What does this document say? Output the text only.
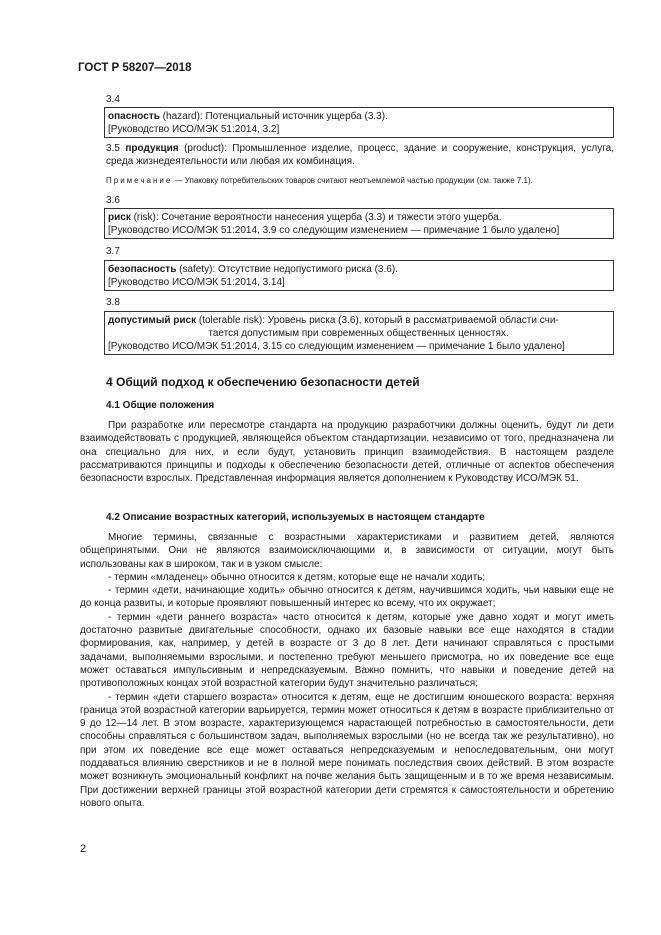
ГОСТ Р 58207—2018
3.4
опасность (hazard): Потенциальный источник ущерба (3.3).
[Руководство ИСО/МЭК 51:2014, 3.2]
3.5 продукция (product): Промышленное изделие, процесс, здание и сооружение, конструкция, услуга, среда жизнедеятельности или любая их комбинация.
Примечание — Упаковку потребительских товаров считают неотъемлемой частью продукции (см. также 7.1).
3.6
риск (risk): Сочетание вероятности нанесения ущерба (3.3) и тяжести этого ущерба.
[Руководство ИСО/МЭК 51:2014, 3.9 со следующим изменением — примечание 1 было удалено]
3.7
безопасность (safety): Отсутствие недопустимого риска (3.6).
[Руководство ИСО/МЭК 51:2014, 3.14]
3.8
допустимый риск (tolerable risk): Уровень риска (3.6), который в рассматриваемой области счи-
тается допустимым при современных общественных ценностях.
[Руководство ИСО/МЭК 51:2014, 3.15 со следующим изменением — примечание 1 было удалено]
4 Общий подход к обеспечению безопасности детей
4.1 Общие положения

При разработке или пересмотре стандарта на продукцию разработчики должны оценить, будут ли дети взаимодействовать с продукцией, являющейся объектом стандартизации, независимо от того, предназначена ли она специально для них, и если будут, установить принцип взаимодействия. В настоящем разделе рассматриваются принципы и подходы к обеспечению безопасности детей, отличные от аспектов обеспечения безопасности взрослых. Представленная информация является дополнением к Руководству ИСО/МЭК 51.

4.2 Описание возрастных категорий, используемых в настоящем стандарте

Многие термины, связанные с возрастными характеристиками и развитием детей, являются общепринятыми. Они не являются взаимоисключающими и, в зависимости от ситуации, могут быть использованы как в широком, так и в узком смысле:

- термин «младенец» обычно относится к детям, которые еще не начали ходить;

- термин «дети, начинающие ходить» обычно относится к детям, научившимся ходить, чьи навыки еще не до конца развиты, и которые проявляют повышенный интерес ко всему, что их окружает;

- термин «дети раннего возраста» часто относится к детям, которые уже давно ходят и могут иметь достаточно развитые двигательные способности, однако их базовые навыки все еще находятся в стадии формирования, как, например, у детей в возрасте от 3 до 8 лет. Дети начинают справляться с простыми задачами, выполняемыми взрослыми, и постепенно требуют меньшего присмотра, но их поведение все еще может оставаться импульсивным и непредсказуемым. Важно помнить, что навыки и поведение детей на противоположных концах этой возрастной категории будут значительно различаться;

- термин «дети старшего возраста» относится к детям, еще не достигшим юношеского возраста: верхняя граница этой возрастной категории варьируется, термин может относиться к детям в возрасте приблизительно от 9 до 12—14 лет. В этом возрасте, характеризующемся нарастающей потребностью в самостоятельности, дети способны справляться с большинством задач, выполняемых взрослыми (но не всегда так же результативно), но при этом их поведение все еще может оставаться непредсказуемым и непоследовательным, они могут поддаваться влиянию сверстников и не в полной мере понимать последствия своих действий. В этом возрасте может возникнуть эмоциональный конфликт на почве желания быть защищенным и в то же время независимым. При достижении верхней границы этой возрастной категории дети стремятся к самостоятельности и обретению нового опыта.

2
